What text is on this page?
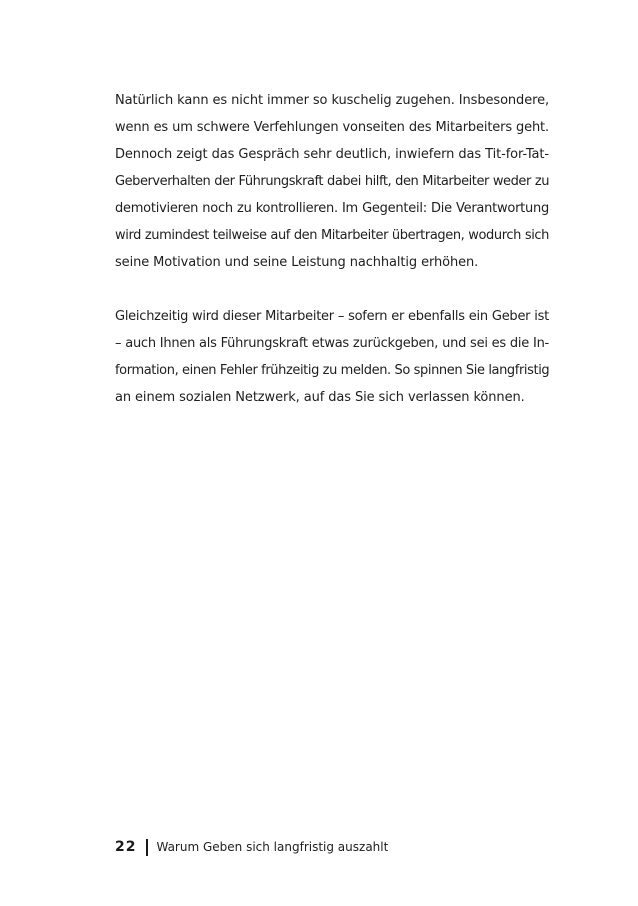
Natürlich kann es nicht immer so kuschelig zugehen. Insbesondere,
wenn es um schwere Verfehlungen vonseiten des Mitarbeiters geht.
Dennoch zeigt das Gespräch sehr deutlich, inwiefern das Tit-for-Tat-
Geberverhalten der Führungskraft dabei hilft, den Mitarbeiter weder zu
demotivieren noch zu kontrollieren. Im Gegenteil: Die Verantwortung
wird zumindest teilweise auf den Mitarbeiter übertragen, wodurch sich
seine Motivation und seine Leistung nachhaltig erhöhen.

Gleichzeitig wird dieser Mitarbeiter – sofern er ebenfalls ein Geber ist
– auch Ihnen als Führungskraft etwas zurückgeben, und sei es die In-
formation, einen Fehler frühzeitig zu melden. So spinnen Sie langfristig
an einem sozialen Netzwerk, auf das Sie sich verlassen können.

22 Warum Geben sich langfristig auszahlt
